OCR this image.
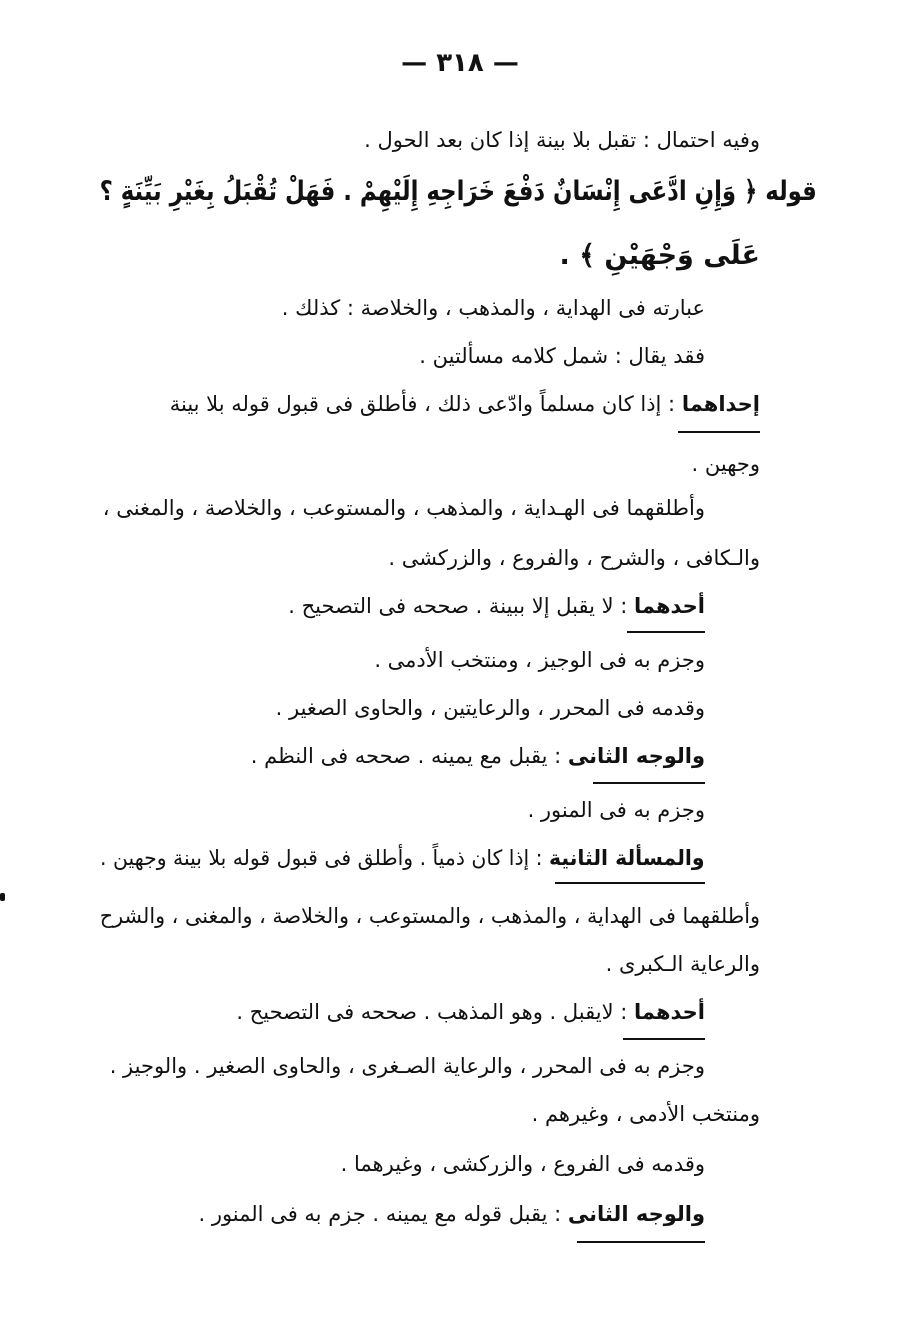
— ٣١٨ —
وفيه احتمال : تقبل بلا بينة إذا كان بعد الحول .
قوله ﴿ وَإِنِ ادَّعَى إِنْسَانٌ دَفْعَ خَرَاجِهِ إِلَيْهِمْ . فَهَلْ تُقْبَلُ بِغَيْرِ بَيِّنَةٍ ؟
عَلَى وَجْهَيْنِ ﴾ .
عبارته فى الهداية ، والمذهب ، والخلاصة : كذلك .
فقد يقال : شمل كلامه مسألتين .
إحداهما : إذا كان مسلماً وادّعى ذلك ، فأطلق فى قبول قوله بلا بينة
وجهين .
وأطلقهما فى الهـداية ، والمذهب ، والمستوعب ، والخلاصة ، والمغنى ،
والـكافى ، والشرح ، والفروع ، والزركشى .
أحدهما : لا يقبل إلا ببينة . صححه فى التصحيح .
وجزم به فى الوجيز ، ومنتخب الأدمى .
وقدمه فى المحرر ، والرعايتين ، والحاوى الصغير .
والوجه الثانى : يقبل مع يمينه . صححه فى النظم .
وجزم به فى المنور .
والمسألة الثانية : إذا كان ذمياً . وأطلق فى قبول قوله بلا بينة وجهين .
وأطلقهما فى الهداية ، والمذهب ، والمستوعب ، والخلاصة ، والمغنى ، والشرح
والرعاية الـكبرى .
أحدهما : لايقبل . وهو المذهب . صححه فى التصحيح .
وجزم به فى المحرر ، والرعاية الصـغرى ، والحاوى الصغير . والوجيز .
ومنتخب الأدمى ، وغيرهم .
وقدمه فى الفروع ، والزركشى ، وغيرهما .
والوجه الثانى : يقبل قوله مع يمينه . جزم به فى المنور .
